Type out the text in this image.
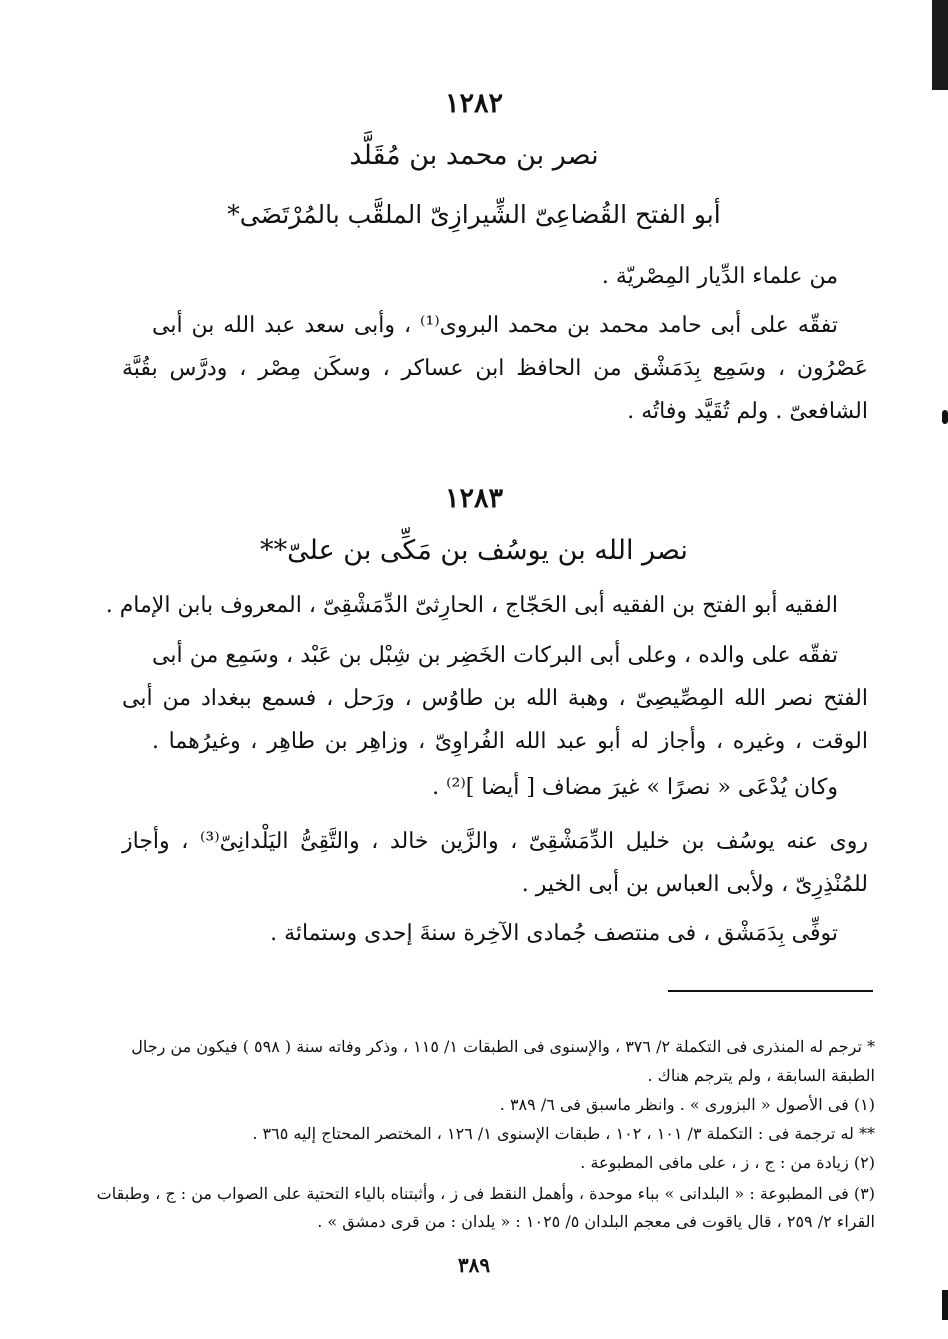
١٢٨٢
نصر بن محمد بن مُقَلَّد
أبو الفتح القُضاعِىّ الشِّيرازِىّ الملقَّب بالمُرْتَضَى*
من علماء الدِّيار المِصْريّة .
تفقّه على أبى حامد محمد بن محمد البروى⁽¹⁾ ، وأبى سعد عبد الله بن أبى
عَصْرُون ، وسَمِع بِدَمَشْق من الحافظ ابن عساكر ، وسكَن مِصْر ، ودرَّس بقُبَّة
الشافعىّ . ولم تُقَيَّد وفاتُه .
١٢٨٣
نصر الله بن يوسُف بن مَكِّى بن علىّ**
الفقيه أبو الفتح بن الفقيه أبى الحَجّاج ، الحارِثىّ الدِّمَشْقِىّ ، المعروف بابن الإمام .
تفقّه على والده ، وعلى أبى البركات الخَضِر بن شِبْل بن عَبْد ، وسَمِع من أبى
الفتح نصر الله المِصِّيصِىّ ، وهبة الله بن طاوُس ، ورَحل ، فسمع ببغداد من أبى
الوقت ، وغيره ، وأجاز له أبو عبد الله الفُراوِىّ ، وزاهِر بن طاهِر ، وغيرُهما .
وكان يُدْعَى « نصرًا » غيرَ مضاف [ أيضا ]⁽²⁾ .
روى عنه يوسُف بن خليل الدِّمَشْقِىّ ، والزَّين خالد ، والتَّقِىُّ اليَلْدانِىّ⁽³⁾ ، وأجاز
للمُنْذِرِىّ ، ولأبى العباس بن أبى الخير .
توفِّى بِدَمَشْق ، فى منتصف جُمادى الآخِرة سنةَ إحدى وستمائة .
* ترجم له المنذرى فى التكملة ٢/ ٣٧٦ ، والإسنوى فى الطبقات ١/ ١١٥ ، وذكر وفاته سنة ( ٥٩٨ ) فيكون من رجال
الطبقة السابقة ، ولم يترجم هناك .
(١) فى الأصول « البزورى » . وانظر ماسبق فى ٦/ ٣٨٩ .
** له ترجمة فى : التكملة ٣/ ١٠١ ، ١٠٢ ، طبقات الإسنوى ١/ ١٢٦ ، المختصر المحتاج إليه ٣٦٥ .
(٢) زيادة من : ج ، ز ، على مافى المطبوعة .
(٣) فى المطبوعة : « البلدانى » بباء موحدة ، وأهمل النقط فى ز ، وأثبتناه بالياء التحتية على الصواب من : ج ، وطبقات
القراء ٢/ ٢٥٩ ، قال ياقوت فى معجم البلدان ٥/ ١٠٢٥ : « يلدان : من قرى دمشق » .
٣٨٩
